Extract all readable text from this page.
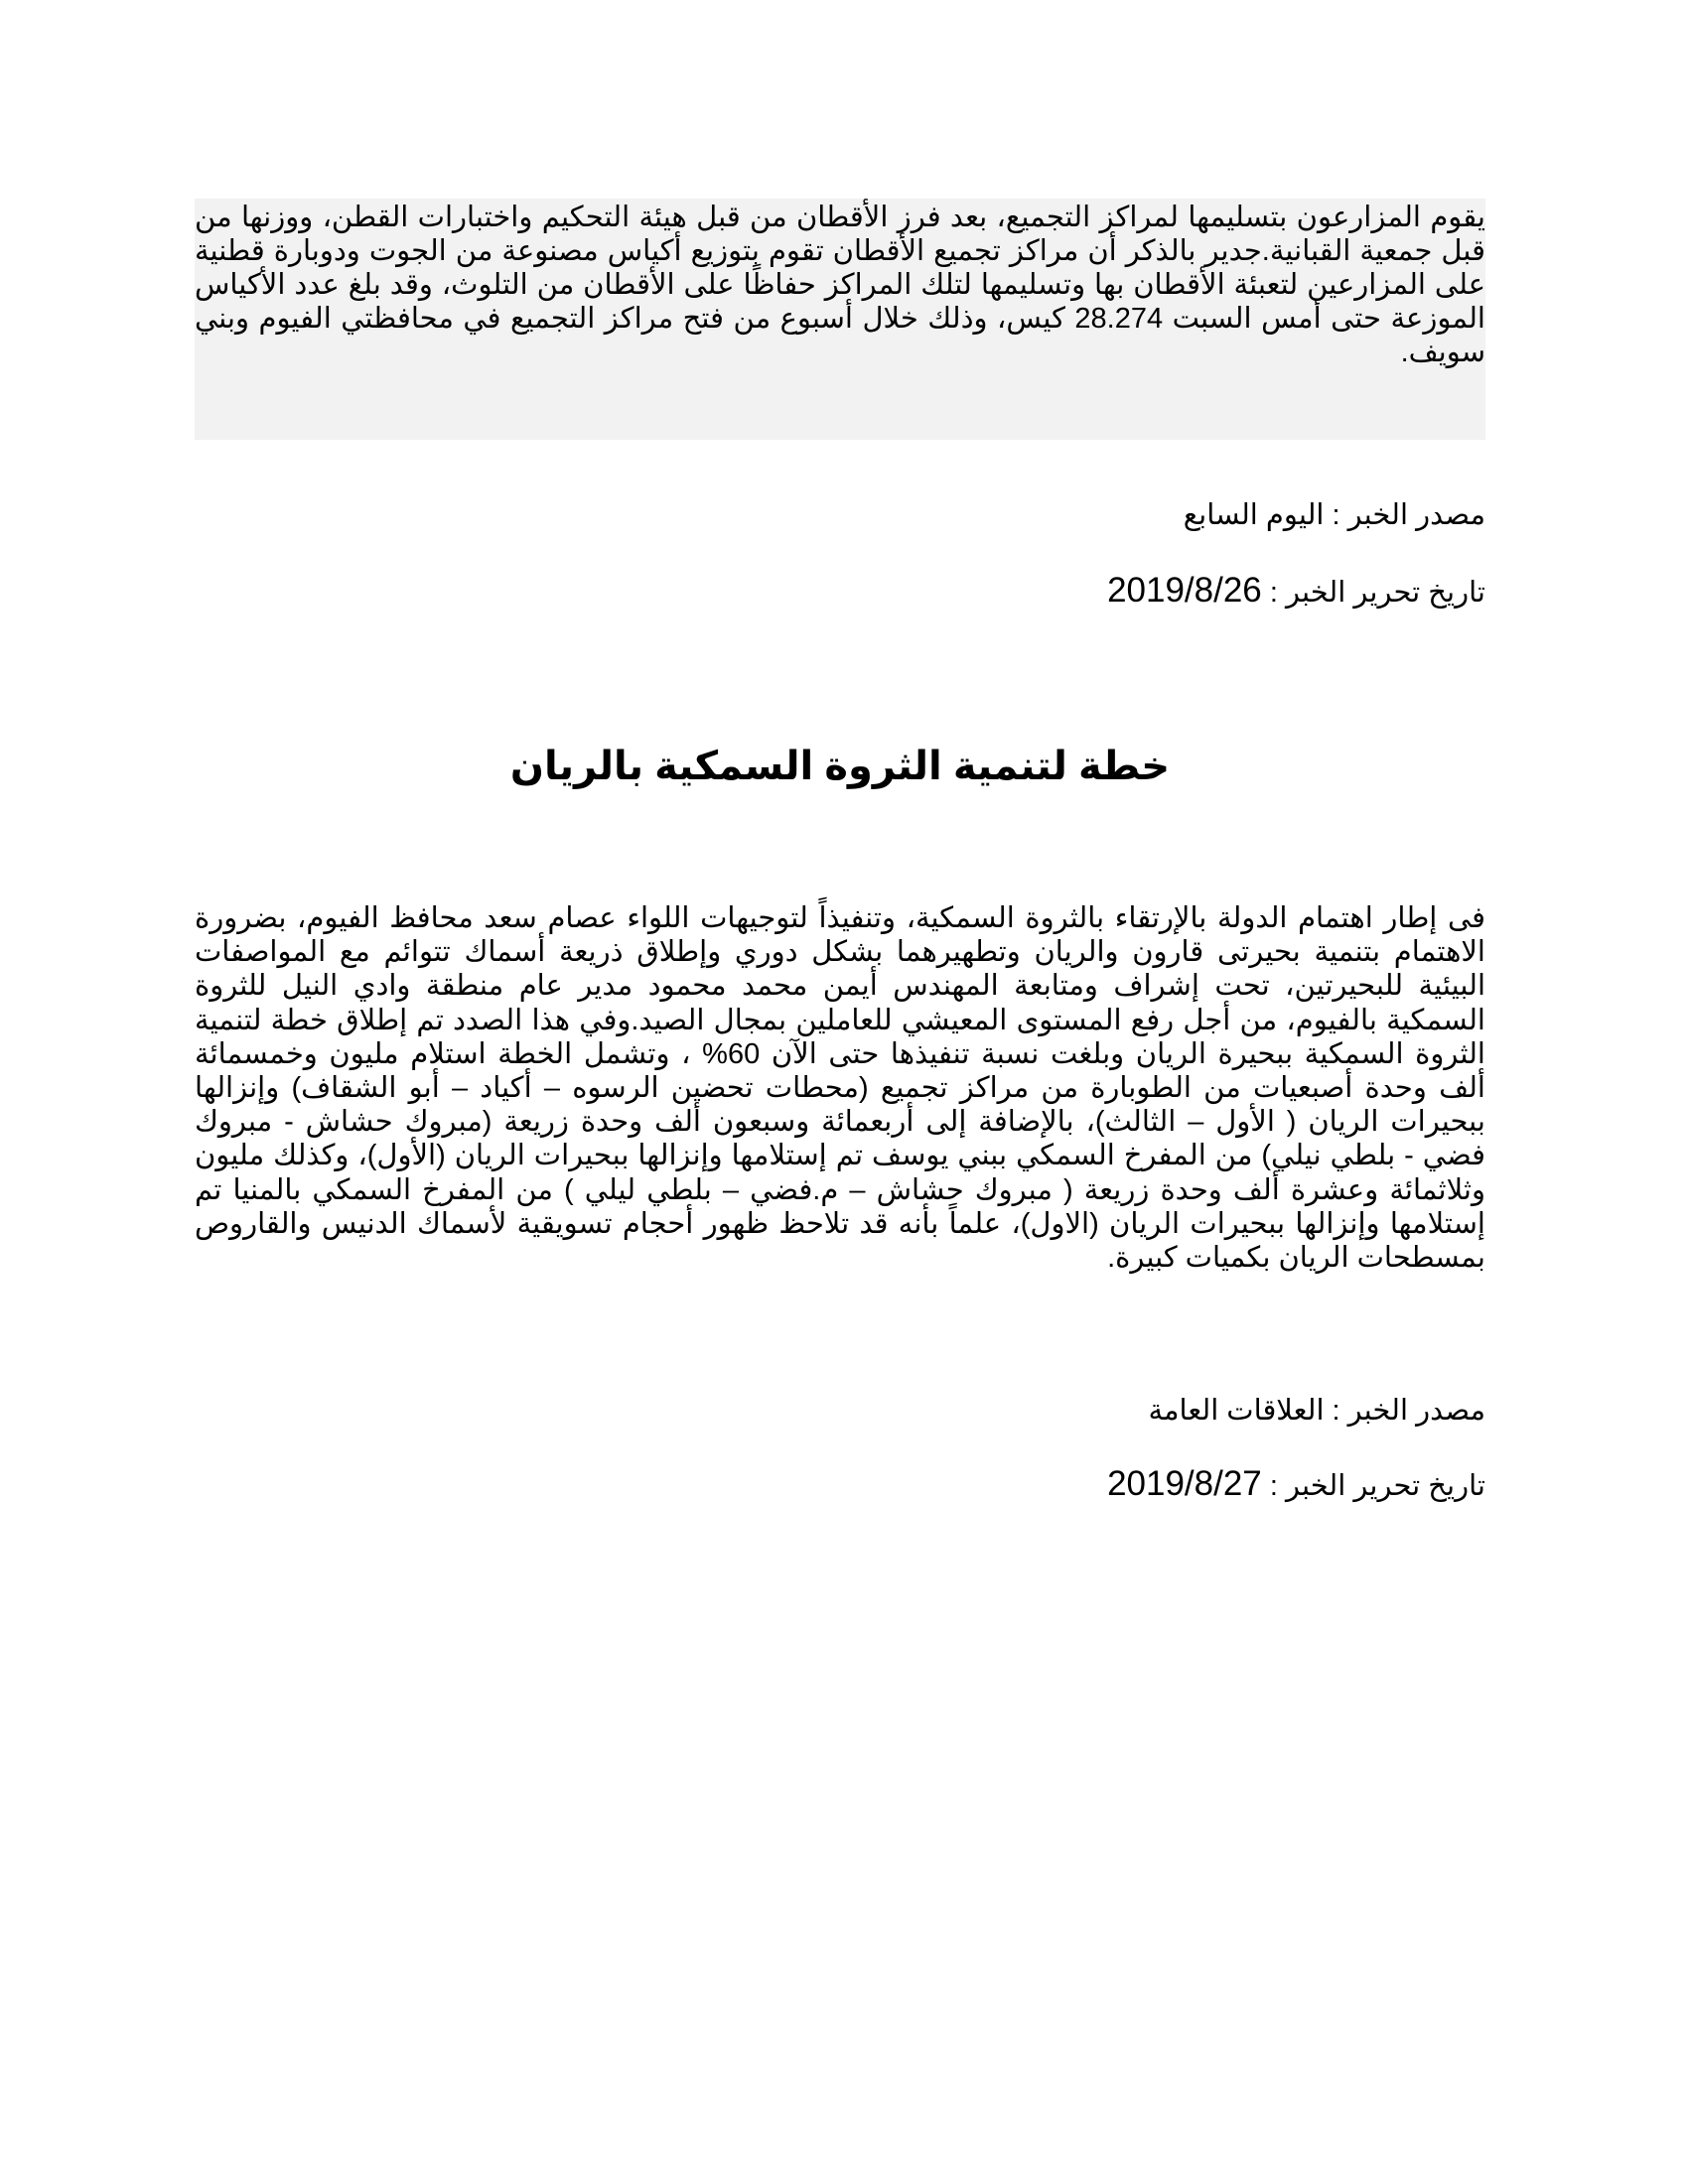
يقوم المزارعون بتسليمها لمراكز التجميع، بعد فرز الأقطان من قبل هيئة التحكيم واختبارات القطن، ووزنها من قبل جمعية القبانية.جدير بالذكر أن مراكز تجميع الأقطان تقوم بتوزيع أكياس مصنوعة من الجوت ودوبارة قطنية على المزارعين لتعبئة الأقطان بها وتسليمها لتلك المراكز حفاظًا على الأقطان من التلوث، وقد بلغ عدد الأكياس الموزعة حتى أمس السبت 28.274 كيس، وذلك خلال أسبوع من فتح مراكز التجميع في محافظتي الفيوم وبني سويف.

مصدر الخبر : اليوم السابع

تاريخ تحرير الخبر : 2019/8/26

خطة لتنمية الثروة السمكية بالريان

فى إطار اهتمام الدولة بالإرتقاء بالثروة السمكية، وتنفيذاً لتوجيهات اللواء عصام سعد محافظ الفيوم، بضرورة الاهتمام بتنمية بحيرتى قارون والريان وتطهيرهما بشكل دوري وإطلاق ذريعة أسماك تتوائم مع المواصفات البيئية للبحيرتين، تحت إشراف ومتابعة المهندس أيمن محمد محمود مدير عام منطقة وادي النيل للثروة السمكية بالفيوم، من أجل رفع المستوى المعيشي للعاملين بمجال الصيد.وفي هذا الصدد تم إطلاق خطة لتنمية الثروة السمكية ببحيرة الريان وبلغت نسبة تنفيذها حتى الآن 60% ، وتشمل الخطة استلام مليون وخمسمائة ألف وحدة أصبعيات من الطوبارة من مراكز تجميع (محطات تحضين الرسوه – أكياد – أبو الشقاف) وإنزالها ببحيرات الريان ( الأول – الثالث)، بالإضافة إلى أربعمائة وسبعون ألف وحدة زريعة (مبروك حشاش - مبروك فضي - بلطي نيلي) من المفرخ السمكي ببني يوسف تم إستلامها وإنزالها ببحيرات الريان (الأول)، وكذلك مليون وثلاثمائة وعشرة ألف وحدة زريعة ( مبروك حشاش – م.فضي – بلطي ليلي ) من المفرخ السمكي بالمنيا تم إستلامها وإنزالها ببحيرات الريان (الاول)، علماً بأنه قد تلاحظ ظهور أحجام تسويقية لأسماك الدنيس والقاروص بمسطحات الريان بكميات كبيرة.

مصدر الخبر : العلاقات العامة

تاريخ تحرير الخبر : 2019/8/27
